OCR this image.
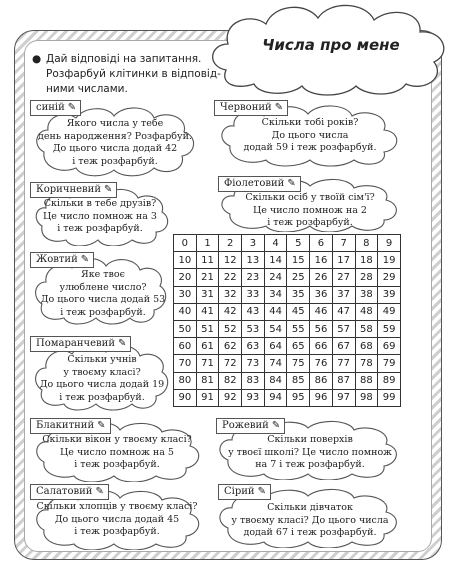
Числа про мене
● Дай відповіді на запитання.
Розфарбуй клітинки в відповід-
ними числами.
синій ✎
Якого числа у тебе
день народження? Розфарбуй.
До цього числа додай 42
і теж розфарбуй.
Червоний ✎
Скільки тобі років?
До цього числа
додай 59 і теж розфарбуй.
Коричневий ✎
Скільки в тебе друзів?
Це число помнож на 3
і теж розфарбуй.
Фіолетовий ✎
Скільки осіб у твоїй сім'ї?
Це число помнож на 2
і теж розфарбуй.
Жовтий ✎
Яке твоє
улюблене число?
До цього числа додай 53
і теж розфарбуй.
Помаранчевий ✎
Скільки учнів
у твоєму класі?
До цього числа додай 19
і теж розфарбуй.
Блакитний ✎
Скільки вікон у твоєму класі?
Це число помнож на 5
і теж розфарбуй.
Рожевий ✎
Скільки поверхів
у твоєї школі? Це число помнож
на 7 і теж розфарбуй.
Салатовий ✎
Скільки хлопців у твоєму класі?
До цього числа додай 45
і теж розфарбуй.
Сірий ✎
Скільки дівчаток
у твоєму класі? До цього числа
додай 67 і теж розфарбуй.
0	1	2	3	4	5	6	7	8	9
10	11	12	13	14	15	16	17	18	19
20	21	22	23	24	25	26	27	28	29
30	31	32	33	34	35	36	37	38	39
40	41	42	43	44	45	46	47	48	49
50	51	52	53	54	55	56	57	58	59
60	61	62	63	64	65	66	67	68	69
70	71	72	73	74	75	76	77	78	79
80	81	82	83	84	85	86	87	88	89
90	91	92	93	94	95	96	97	98	99
